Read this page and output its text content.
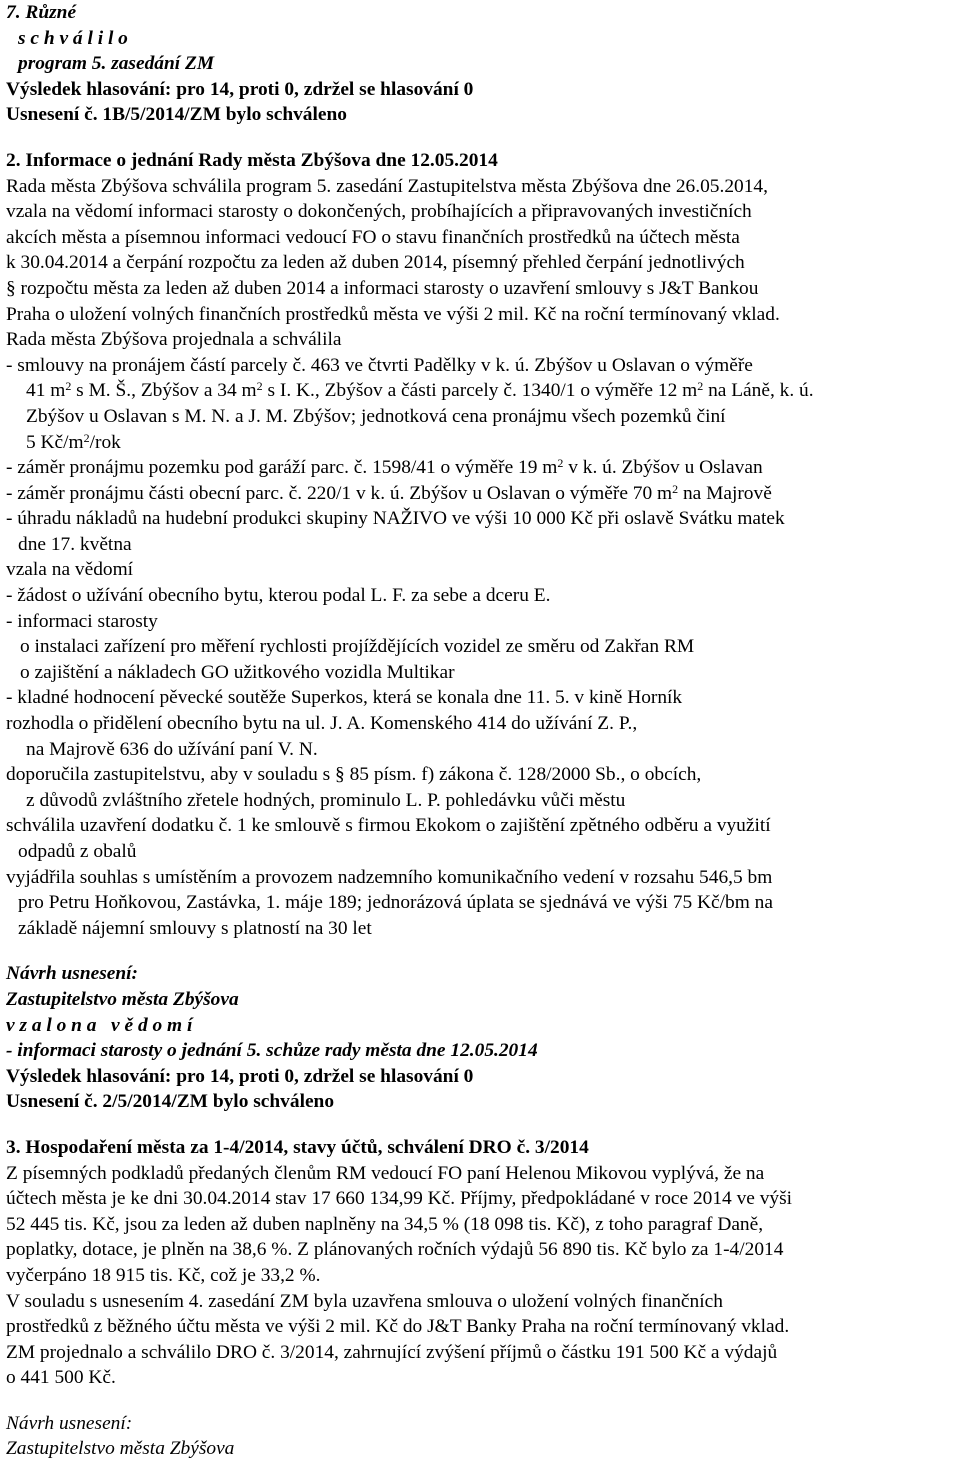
7. Různé
s c h v á l i l o
program 5. zasedání ZM
Výsledek hlasování: pro 14, proti 0, zdržel se hlasování 0
Usnesení č. 1B/5/2014/ZM bylo schváleno
2. Informace o jednání Rady města Zbýšova dne 12.05.2014
Rada města Zbýšova schválila program 5. zasedání Zastupitelstva města Zbýšova dne 26.05.2014,
vzala na vědomí informaci starosty o dokončených, probíhajících a připravovaných investičních
akcích města a písemnou informaci vedoucí FO o stavu finančních prostředků na účtech města
k 30.04.2014 a čerpání rozpočtu za leden až duben 2014, písemný přehled čerpání jednotlivých
§ rozpočtu města za leden až duben 2014 a informaci starosty o uzavření smlouvy s J&T Bankou
Praha o uložení volných finančních prostředků města ve výši 2 mil. Kč na roční termínovaný vklad.
Rada města Zbýšova projednala a schválila
- smlouvy na pronájem částí parcely č. 463 ve čtvrti Padělky v k. ú. Zbýšov u Oslavan o výměře
41 $m^2$ s M. Š., Zbýšov a 34 $m^2$ s I. K., Zbýšov a části parcely č. 1340/1 o výměře 12 $m^2$ na Láně, k. ú.
Zbýšov u Oslavan s M. N. a J. M. Zbýšov; jednotková cena pronájmu všech pozemků činí
5 $Kč/m^2$/rok
- záměr pronájmu pozemku pod garáží parc. č. 1598/41 o výměře 19 $m^2$ v k. ú. Zbýšov u Oslavan
- záměr pronájmu části obecní parc. č. 220/1 v k. ú. Zbýšov u Oslavan o výměře 70 $m^2$ na Majrově
- úhradu nákladů na hudební produkci skupiny NAŽIVO ve výši 10 000 Kč při oslavě Svátku matek
dne 17. května
vzala na vědomí
- žádost o užívání obecního bytu, kterou podal L. F. za sebe a dceru E.
- informaci starosty
o instalaci zařízení pro měření rychlosti projíždějících vozidel ze směru od Zakřan RM
o zajištění a nákladech GO užitkového vozidla Multikar
- kladné hodnocení pěvecké soutěže Superkos, která se konala dne 11. 5. v kině Horník
rozhodla o přidělení obecního bytu na ul. J. A. Komenského 414 do užívání Z. P.,
na Majrově 636 do užívání paní V. N.
doporučila zastupitelstvu, aby v souladu s § 85 písm. f) zákona č. 128/2000 Sb., o obcích,
z důvodů zvláštního zřetele hodných, prominulo L. P. pohledávku vůči městu
schválila uzavření dodatku č. 1 ke smlouvě s firmou Ekokom o zajištění zpětného odběru a využití
odpadů z obalů
vyjádřila souhlas s umístěním a provozem nadzemního komunikačního vedení v rozsahu 546,5 bm
pro Petru Hoňkovou, Zastávka, 1. máje 189; jednorázová úplata se sjednává ve výši 75 Kč/bm na
základě nájemní smlouvy s platností na 30 let
Návrh usnesení:
Zastupitelstvo města Zbýšova
v z a l o n a   v ě d o m í
- informaci starosty o jednání 5. schůze rady města dne 12.05.2014
Výsledek hlasování: pro 14, proti 0, zdržel se hlasování 0
Usnesení č. 2/5/2014/ZM bylo schváleno
3. Hospodaření města za 1-4/2014, stavy účtů, schválení DRO č. 3/2014
Z písemných podkladů předaných členům RM vedoucí FO paní Helenou Mikovou vyplývá, že na
účtech města je ke dni 30.04.2014 stav 17 660 134,99 Kč. Příjmy, předpokládané v roce 2014 ve výši
52 445 tis. Kč, jsou za leden až duben naplněny na 34,5 % (18 098 tis. Kč), z toho paragraf Daně,
poplatky, dotace, je plněn na 38,6 %. Z plánovaných ročních výdajů 56 890 tis. Kč bylo za 1-4/2014
vyčerpáno 18 915 tis. Kč, což je 33,2 %.
V souladu s usnesením 4. zasedání ZM byla uzavřena smlouva o uložení volných finančních
prostředků z běžného účtu města ve výši 2 mil. Kč do J&T Banky Praha na roční termínovaný vklad.
ZM projednalo a schválilo DRO č. 3/2014, zahrnující zvýšení příjmů o částku 191 500 Kč a výdajů
o 441 500 Kč.
Návrh usnesení:
Zastupitelstvo města Zbýšova
